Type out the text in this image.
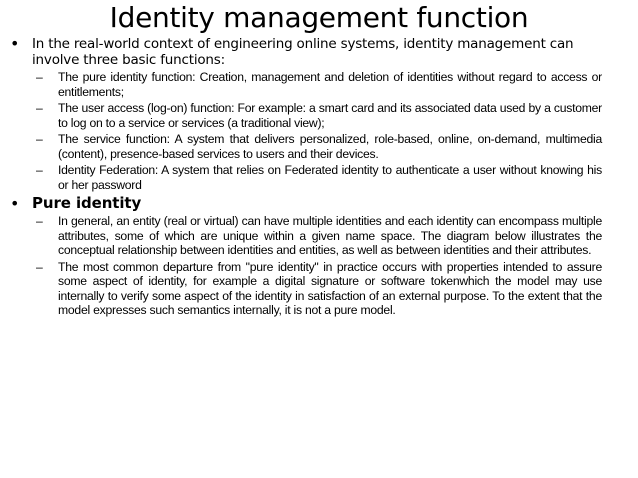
Identity management function
• In the real-world context of engineering online systems, identity management can involve three basic functions:
– The pure identity function: Creation, management and deletion of identities without regard to access or entitlements;
– The user access (log-on) function: For example: a smart card and its associated data used by a customer to log on to a service or services (a traditional view);
– The service function: A system that delivers personalized, role-based, online, on-demand, multimedia (content), presence-based services to users and their devices.
– Identity Federation: A system that relies on Federated identity to authenticate a user without knowing his or her password
• Pure identity
– In general, an entity (real or virtual) can have multiple identities and each identity can encompass multiple attributes, some of which are unique within a given name space. The diagram below illustrates the conceptual relationship between identities and entities, as well as between identities and their attributes.
– The most common departure from "pure identity" in practice occurs with properties intended to assure some aspect of identity, for example a digital signature or software tokenwhich the model may use internally to verify some aspect of the identity in satisfaction of an external purpose. To the extent that the model expresses such semantics internally, it is not a pure model.
